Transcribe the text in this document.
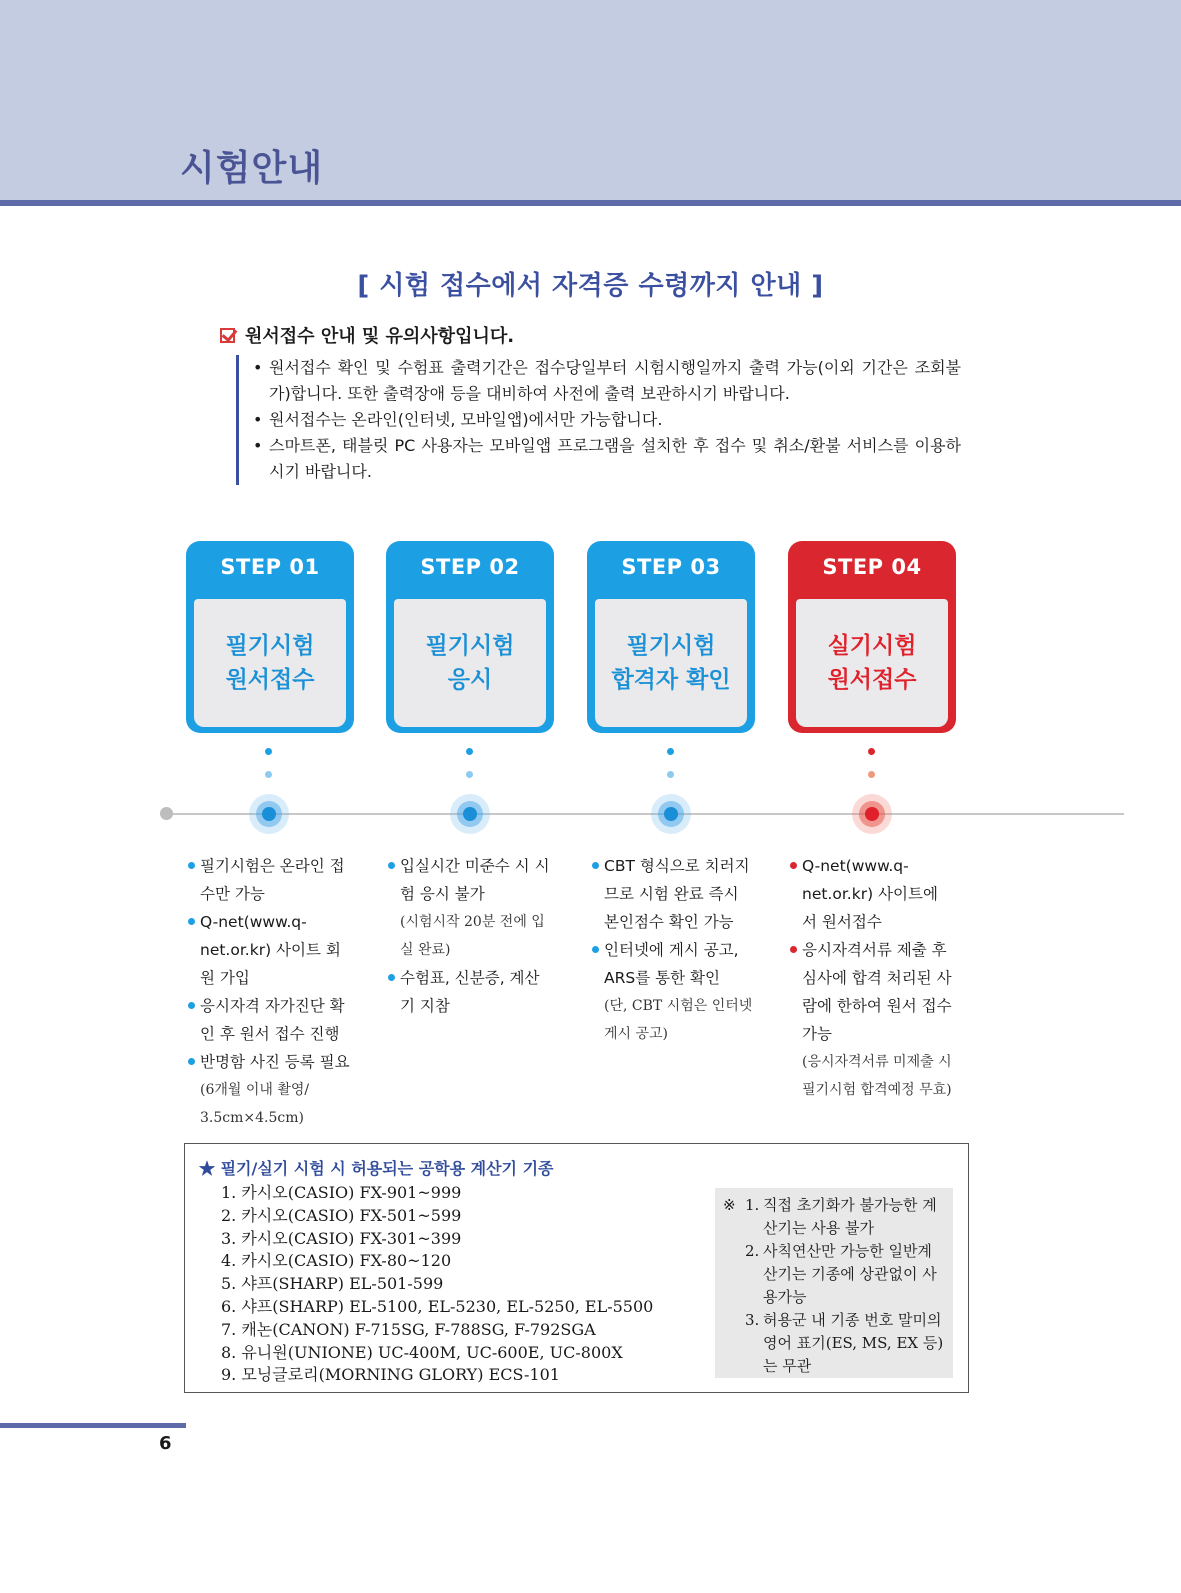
시험안내
[ 시험 접수에서 자격증 수령까지 안내 ]
원서접수 안내 및 유의사항입니다.
• 원서접수 확인 및 수험표 출력기간은 접수당일부터 시험시행일까지 출력 가능(이외 기간은 조회불가)합니다. 또한 출력장애 등을 대비하여 사전에 출력 보관하시기 바랍니다.
• 원서접수는 온라인(인터넷, 모바일앱)에서만 가능합니다.
• 스마트폰, 태블릿 PC 사용자는 모바일앱 프로그램을 설치한 후 접수 및 취소/환불 서비스를 이용하시기 바랍니다.
STEP 01
필기시험
원서접수
STEP 02
필기시험
응시
STEP 03
필기시험
합격자 확인
STEP 04
실기시험
원서접수
필기시험은 온라인 접수만 가능
Q-net(www.q-net.or.kr) 사이트 회원 가입
응시자격 자가진단 확인 후 원서 접수 진행
반명함 사진 등록 필요
(6개월 이내 촬영/ 3.5cm×4.5cm)
입실시간 미준수 시 시험 응시 불가
(시험시작 20분 전에 입실 완료)
수험표, 신분증, 계산기 지참
CBT 형식으로 치러지므로 시험 완료 즉시 본인점수 확인 가능
인터넷에 게시 공고, ARS를 통한 확인
(단, CBT 시험은 인터넷 게시 공고)
Q-net(www.q-net.or.kr) 사이트에서 원서접수
응시자격서류 제출 후 심사에 합격 처리된 사람에 한하여 원서 접수 가능
(응시자격서류 미제출 시 필기시험 합격예정 무효)
★ 필기/실기 시험 시 허용되는 공학용 계산기 기종
1. 카시오(CASIO) FX-901~999
2. 카시오(CASIO) FX-501~599
3. 카시오(CASIO) FX-301~399
4. 카시오(CASIO) FX-80~120
5. 샤프(SHARP) EL-501-599
6. 샤프(SHARP) EL-5100, EL-5230, EL-5250, EL-5500
7. 캐논(CANON) F-715SG, F-788SG, F-792SGA
8. 유니원(UNIONE) UC-400M, UC-600E, UC-800X
9. 모닝글로리(MORNING GLORY) ECS-101
※ 1. 직접 초기화가 불가능한 계산기는 사용 불가
2. 사칙연산만 가능한 일반계산기는 기종에 상관없이 사용가능
3. 허용군 내 기종 번호 말미의 영어 표기(ES, MS, EX 등)는 무관
6
